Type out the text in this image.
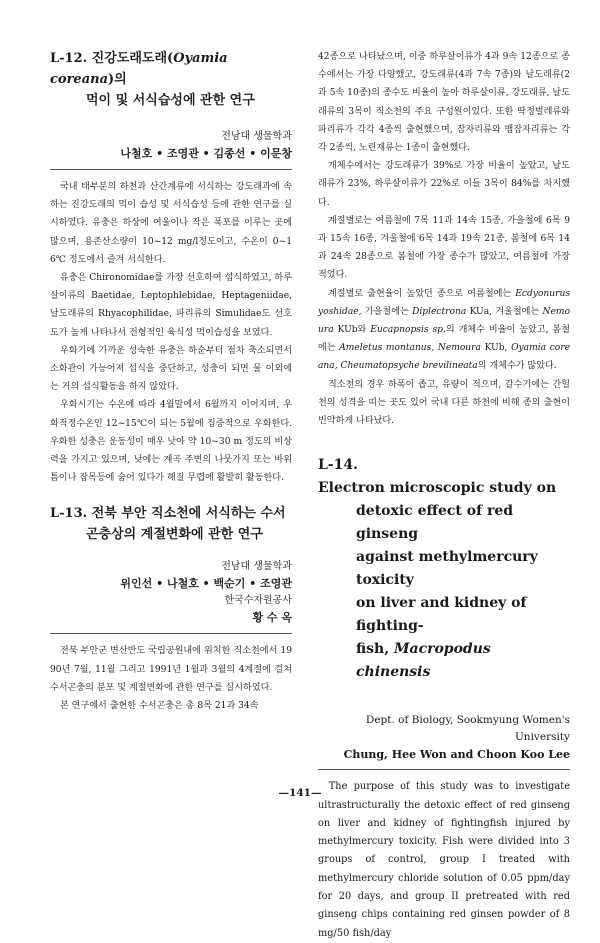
L-12. 진강도래도래(Oyamia coreana)의
먹이 및 서식습성에 관한 연구

전남대 생물학과

나철호 • 조영관 • 김종선 • 이문창

국내 태부분의 하천과 산간계류에 서식하는 강도래과에 속하는 진강도래의 먹이 습성 및 서식습성 등에 관한 연구를 실시하였다. 유충은 하상에 여울이나 작은 폭포를 이루는 곳에 많으며, 용존산소량이 10~12 mg/l정도이고, 수온이 0~16℃ 정도에서 즐겨 서식한다.

유충은 Chironomidae를 가장 선호하여 섭식하였고, 하루살이류의 Baetidae, Leptophlebidae, Heptageniidae, 날도래류의 Rhyacophilidae, 파리류의 Simulidae도 선호도가 높게 나타나서 전형적인 육식성 먹이습성을 보였다.

우화기에 가까운 성숙한 유충은 하순부터 점차 축소되면서 소화관이 가능어져 섭식을 중단하고, 성충이 되면 물 이외에는 거의 섭식활동을 하지 않았다.

우화시기는 수온에 따라 4월말에서 6월까지 이어지며, 우화적정수온인 12~15℃이 되는 5월에 집중적으로 우화한다. 우화한 성충은 운동성이 매우 낮아 약 10~30 m 정도의 비상력을 가지고 있으며, 낮에는 계곡 주변의 나뭇가지 또는 바위틈이나 잡목등에 숨어 있다가 해질 무렵에 활발히 활동한다.

L-13. 전북 부안 직소천에 서식하는 수서
곤충상의 계절변화에 관한 연구

전남대 생물학과

위인선 • 나철호 • 백순기 • 조영관

한국수자원공사

황 수 옥

전북 부안군 변산반도 국립공원내에 위치한 직소천에서 1990년 7월, 11월 그리고 1991년 1월과 3월의 4계절에 걸쳐 수서곤충의 분포 및 계절변화에 관한 연구를 실시하였다.

본 연구에서 출현한 수서곤충은 총 8목 21과 34속

42종으로 나타났으며, 이중 하루살이류가 4과 9속 12종으로 종수에서는 가장 다양했고, 강도래류(4과 7속 7종)와 날도래류(2과 5속 10종)의 종수도 비율이 높아 하루살이류, 강도래류, 날도래류의 3목이 직소천의 주요 구성원이었다. 또한 딱정벌레류와 파리류가 각각 4종씩 출현했으며, 잠자리류와 뱀잠자리류는 각각 2종씩, 노린재류는 1종이 출현했다.

개체수에서는 강도래류가 39%로 가장 비율이 높았고, 날도래류가 23%, 하루살이류가 22%로 이들 3목이 84%를 차지했다.

계절별로는 여름철에 7목 11과 14속 15종, 가을철에 6목 9과 15속 16종, 겨울철에 6목 14과 19속 21종, 봄철에 6목 14과 24속 28종으로 봄철에 가장 종수가 많았고, 여름철에 가장 적었다.

계절별로 출현율이 높았던 종으로 여름철에는 Ecdyonurus yoshidae, 가을철에는 Diplectrona KUa, 겨울철에는 Nemoura KUb와 Eucapnopsis sp.의 개체수 비율이 높았고, 봄철에는 Ameletus montanus, Nemoura KUb, Oyamia coreana, Cheumatopsyche brevilineata의 개체수가 많았다.

직소천의 경우 하폭이 좁고, 유량이 적으며, 갈수기에는 간헐천의 성격을 띠는 곳도 있어 국내 다른 하천에 비해 종의 출현이 빈약하게 나타났다.

L-14.
Electron microscopic study on
detoxic effect of red ginseng
against methylmercury toxicity
on liver and kidney of fighting-
fish, Macropodus chinensis

Dept. of Biology, Sookmyung Women's University

Chung, Hee Won and Choon Koo Lee

The purpose of this study was to investigate ultrastructurally the detoxic effect of red ginseng on liver and kidney of fightingfish injured by methylmercury toxicity. Fish were divided into 3 groups of control, group I treated with methylmercury chloride solution of 0.05 ppm/day for 20 days, and group II pretreated with red ginseng chips containing red ginsen powder of 8 mg/50 fish/day

—141—
